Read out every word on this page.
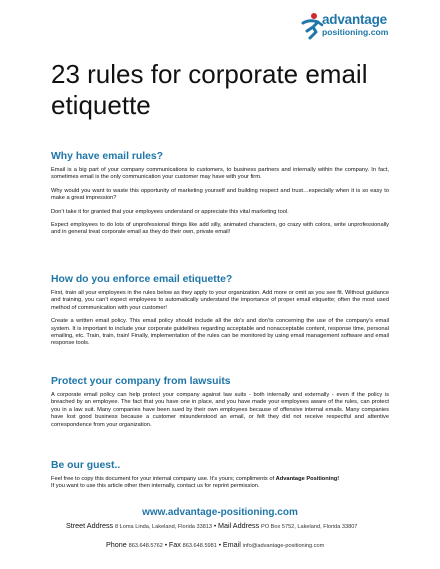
advantage
positioning.com
23 rules for corporate email etiquette
Why have email rules?

Email is a big part of your company communications to customers, to business partners and internally within the company. In fact, sometimes email is the only communication your customer may have with your firm.

Why would you want to waste this opportunity of marketing yourself and building respect and trust…especially when it is so easy to make a great impression?

Don’t take it for granted that your employees understand or appreciate this vital marketing tool.

Expect employees to do lots of unprofessional things like add silly, animated characters, go crazy with colors, write unprofessionally and in general treat corporate email as they do their own, private email!

How do you enforce email etiquette?

First, train all your employees in the rules below as they apply to your organization. Add more or omit as you see fit. Without guidance and training, you can’t expect employees to automatically understand the importance of proper email etiquette; often the most used method of communication with your customer!

Create a written email policy. This email policy should include all the do’s and don’ts concerning the use of the company’s email system. It is important to include your corporate guidelines regarding acceptable and nonacceptable content, response time, personal emailing, etc. Train, train, train! Finally, implementation of the rules can be monitored by using email management software and email response tools.

Protect your company from lawsuits

A corporate email policy can help protect your company against law suits - both internally and externally - even if the policy is breached by an employee. The fact that you have one in place, and you have made your employees aware of the rules, can protect you in a law suit. Many companies have been sued by their own employees because of offensive internal emails. Many companies have lost good business because a customer misunderstood an email, or felt they did not receive respectful and attentive correspondence from your organization.

Be our guest..

Feel free to copy this document for your internal company use. It’s yours; compliments of Advantage Positioning!
If you want to use this article other then internally, contact us for reprint permission.

www.advantage-positioning.com
Street Address 8 Loma Linda, Lakeland, Florida 33813 • Mail Address PO Box 5752, Lakeland, Florida 33807
Phone 863.648.5762 • Fax 863.648.5981 • Email info@advantage-positioning.com
